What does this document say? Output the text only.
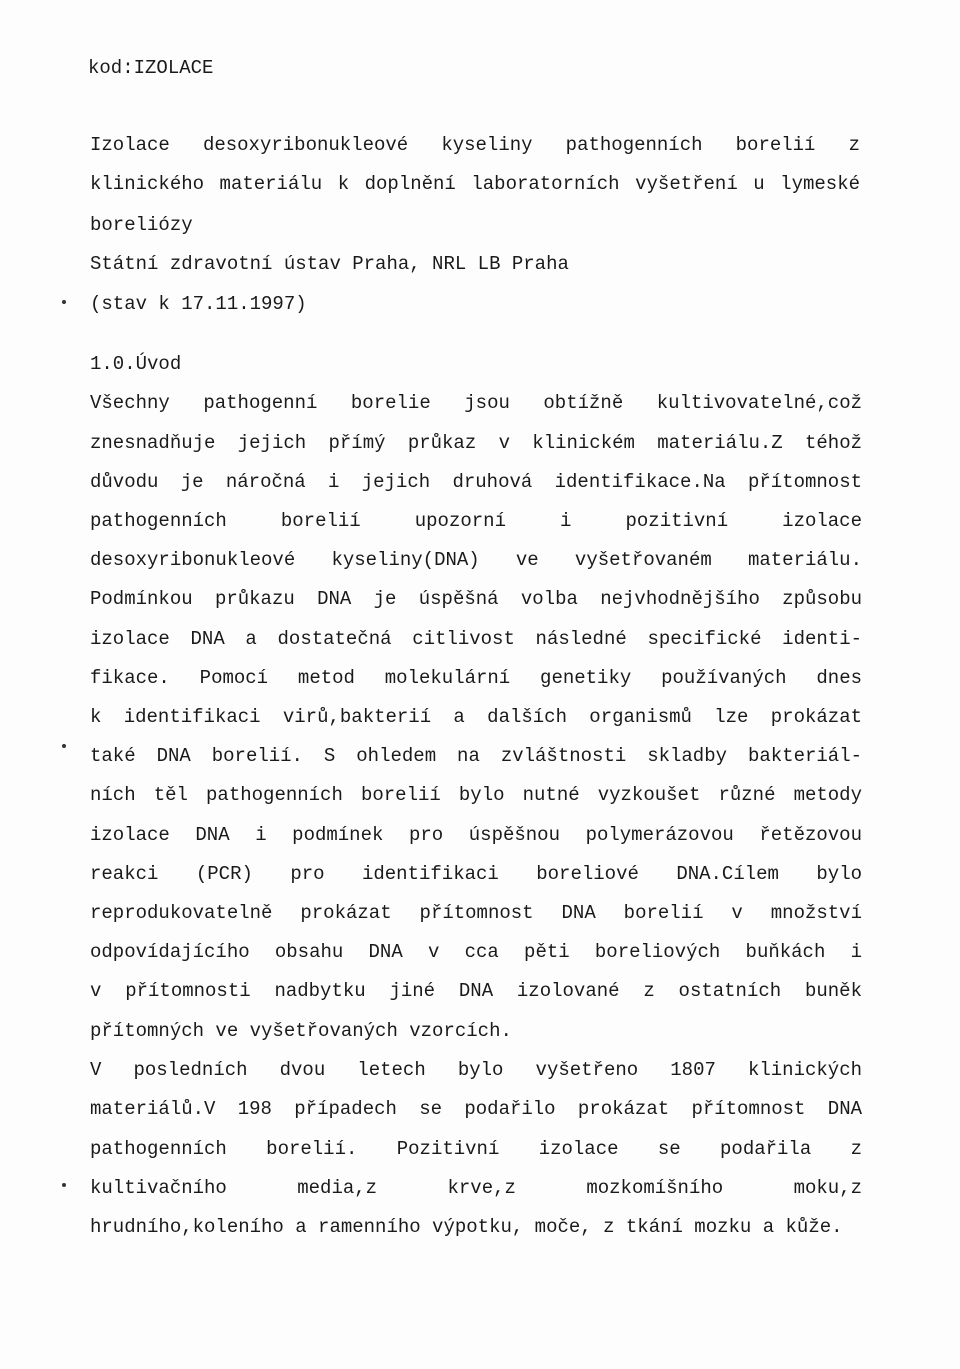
kod:IZOLACE
Izolace desoxyribonukleové kyseliny pathogenních borelií z
klinického materiálu k doplnění laboratorních vyšetření u lymeské
boreliózy
Státní zdravotní ústav Praha, NRL LB Praha
(stav k 17.11.1997)
1.0.Úvod
Všechny pathogenní borelie jsou obtížně kultivovatelné,což
znesnadňuje jejich přímý průkaz v klinickém materiálu.Z téhož
důvodu je náročná i jejich druhová identifikace.Na přítomnost
pathogenních borelií upozorní i pozitivní izolace
desoxyribonukleové kyseliny(DNA) ve vyšetřovaném materiálu.
Podmínkou průkazu DNA je úspěšná volba nejvhodnějšího způsobu
izolace DNA a dostatečná citlivost následné specifické identi-
fikace. Pomocí metod molekulární genetiky používaných dnes
k identifikaci virů,bakterií a dalších organismů lze prokázat
také DNA borelií. S ohledem na zvláštnosti skladby bakteriál-
ních těl pathogenních borelií bylo nutné vyzkoušet různé metody
izolace DNA i podmínek pro úspěšnou polymerázovou řetězovou
reakci (PCR) pro identifikaci boreliové DNA.Cílem bylo
reprodukovatelně prokázat přítomnost DNA borelií v množství
odpovídajícího obsahu DNA v cca pěti boreliových buňkách i
v přítomnosti nadbytku jiné DNA izolované z ostatních buněk
přítomných ve vyšetřovaných vzorcích.
V posledních dvou letech bylo vyšetřeno 1807 klinických
materiálů.V 198 případech se podařilo prokázat přítomnost DNA
pathogenních borelií. Pozitivní izolace se podařila z
kultivačního media,z krve,z mozkomíšního moku,z
hrudního,koleního a ramenního výpotku, moče, z tkání mozku a kůže.
